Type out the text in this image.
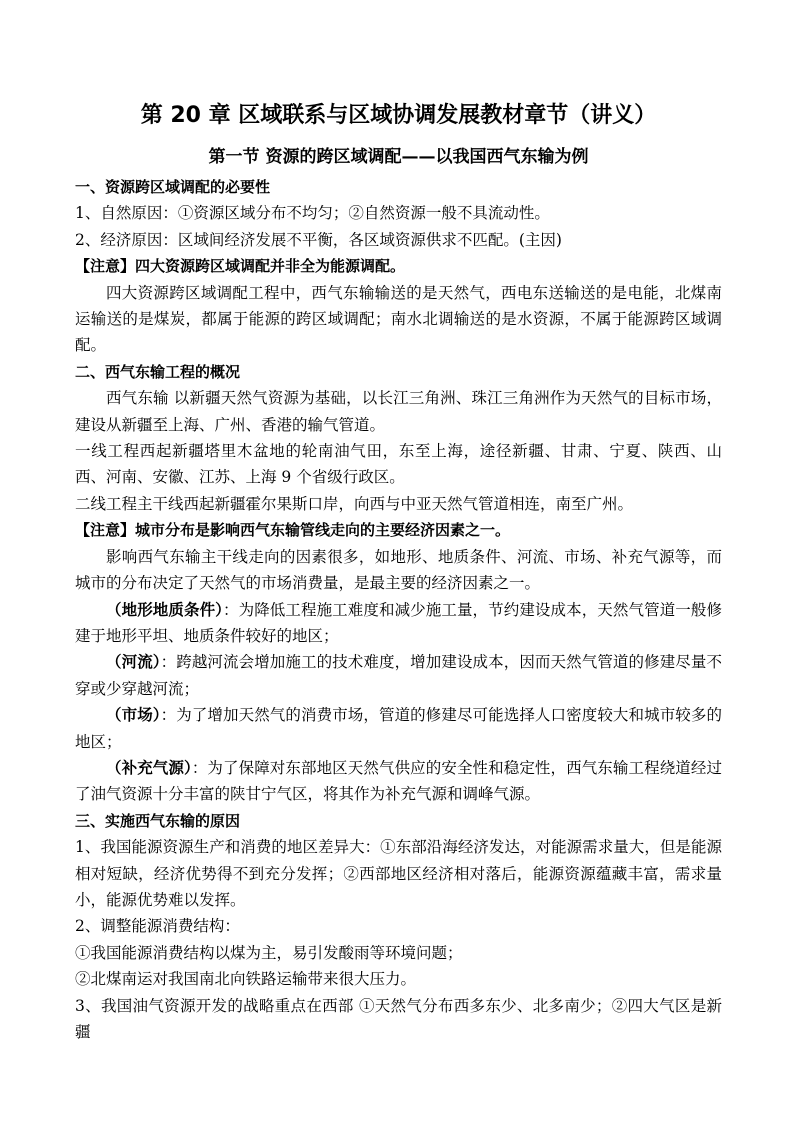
第 20 章 区域联系与区域协调发展教材章节（讲义）
第一节 资源的跨区域调配——以我国西气东输为例
一、资源跨区域调配的必要性

1、自然原因：①资源区域分布不均匀；②自然资源一般不具流动性。

2、经济原因：区域间经济发展不平衡，各区域资源供求不匹配。(主因)

【注意】四大资源跨区域调配并非全为能源调配。

四大资源跨区域调配工程中，西气东输输送的是天然气，西电东送输送的是电能，北煤南运输送的是煤炭，都属于能源的跨区域调配；南水北调输送的是水资源，不属于能源跨区域调配。

二、西气东输工程的概况

西气东输 以新疆天然气资源为基础，以长江三角洲、珠江三角洲作为天然气的目标市场，建设从新疆至上海、广州、香港的输气管道。

一线工程西起新疆塔里木盆地的轮南油气田，东至上海，途径新疆、甘肃、宁夏、陕西、山西、河南、安徽、江苏、上海 9 个省级行政区。

二线工程主干线西起新疆霍尔果斯口岸，向西与中亚天然气管道相连，南至广州。

【注意】城市分布是影响西气东输管线走向的主要经济因素之一。

影响西气东输主干线走向的因素很多，如地形、地质条件、河流、市场、补充气源等，而城市的分布决定了天然气的市场消费量，是最主要的经济因素之一。

（地形地质条件）：为降低工程施工难度和减少施工量，节约建设成本，天然气管道一般修建于地形平坦、地质条件较好的地区；

（河流）：跨越河流会增加施工的技术难度，增加建设成本，因而天然气管道的修建尽量不穿或少穿越河流；

（市场）：为了增加天然气的消费市场，管道的修建尽可能选择人口密度较大和城市较多的地区；

（补充气源）：为了保障对东部地区天然气供应的安全性和稳定性，西气东输工程绕道经过了油气资源十分丰富的陕甘宁气区，将其作为补充气源和调峰气源。

三、实施西气东输的原因

1、我国能源资源生产和消费的地区差异大：①东部沿海经济发达，对能源需求量大，但是能源相对短缺，经济优势得不到充分发挥；②西部地区经济相对落后，能源资源蕴藏丰富，需求量小，能源优势难以发挥。

2、调整能源消费结构：

①我国能源消费结构以煤为主，易引发酸雨等环境问题；

②北煤南运对我国南北向铁路运输带来很大压力。

3、我国油气资源开发的战略重点在西部 ①天然气分布西多东少、北多南少；②四大气区是新疆
